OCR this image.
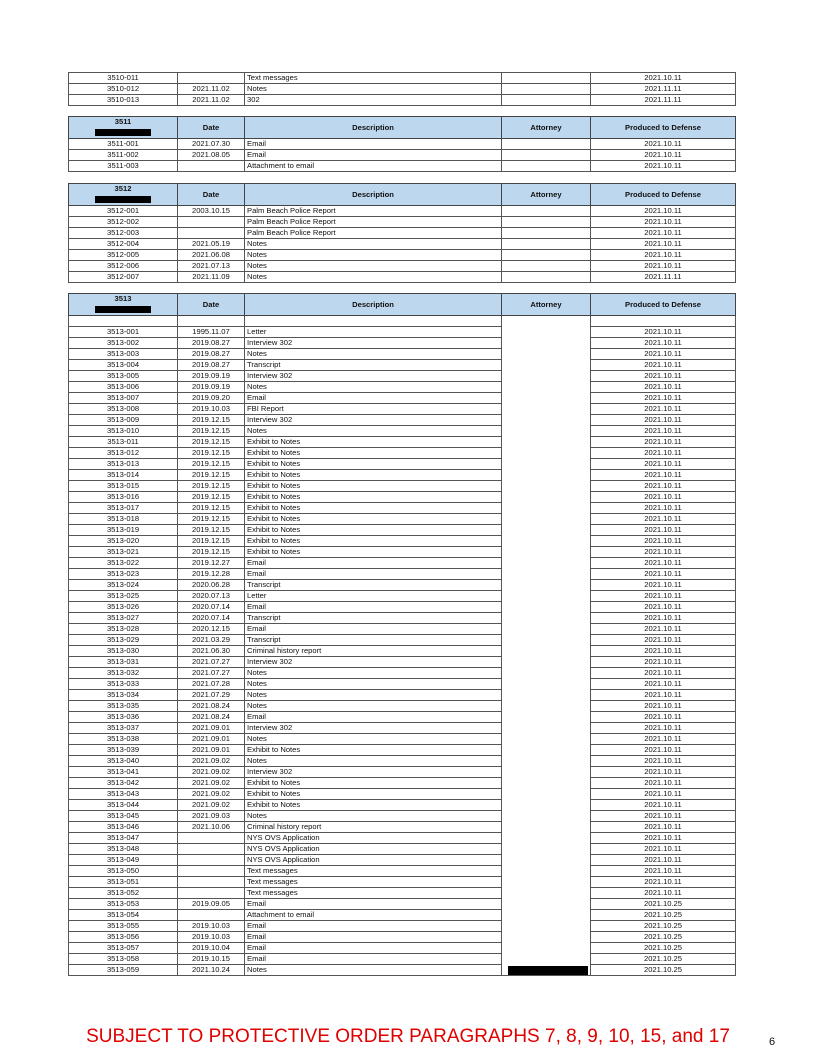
3510-011		Text messages		2021.10.11
3510-012	2021.11.02	Notes		2021.11.11
3510-013	2021.11.02	302		2021.11.11
3511	Date	Description	Attorney	Produced to Defense
3511-001	2021.07.30	Email		2021.10.11
3511-002	2021.08.05	Email		2021.10.11
3511-003		Attachment to email		2021.10.11
3512	Date	Description	Attorney	Produced to Defense
3512-001	2003.10.15	Palm Beach Police Report		2021.10.11
3512-002		Palm Beach Police Report		2021.10.11
3512-003		Palm Beach Police Report		2021.10.11
3512-004	2021.05.19	Notes		2021.10.11
3512-005	2021.06.08	Notes		2021.10.11
3512-006	2021.07.13	Notes		2021.10.11
3512-007	2021.11.09	Notes		2021.11.11
3513	Date	Description	Attorney	Produced to Defense

3513-001	1995.11.07	Letter		2021.10.11
3513-002	2019.08.27	Interview 302		2021.10.11
3513-003	2019.08.27	Notes		2021.10.11
3513-004	2019.08.27	Transcript		2021.10.11
3513-005	2019.09.19	Interview 302		2021.10.11
3513-006	2019.09.19	Notes		2021.10.11
3513-007	2019.09.20	Email		2021.10.11
3513-008	2019.10.03	FBI Report		2021.10.11
3513-009	2019.12.15	Interview 302		2021.10.11
3513-010	2019.12.15	Notes		2021.10.11
3513-011	2019.12.15	Exhibit to Notes		2021.10.11
3513-012	2019.12.15	Exhibit to Notes		2021.10.11
3513-013	2019.12.15	Exhibit to Notes		2021.10.11
3513-014	2019.12.15	Exhibit to Notes		2021.10.11
3513-015	2019.12.15	Exhibit to Notes		2021.10.11
3513-016	2019.12.15	Exhibit to Notes		2021.10.11
3513-017	2019.12.15	Exhibit to Notes		2021.10.11
3513-018	2019.12.15	Exhibit to Notes		2021.10.11
3513-019	2019.12.15	Exhibit to Notes		2021.10.11
3513-020	2019.12.15	Exhibit to Notes		2021.10.11
3513-021	2019.12.15	Exhibit to Notes		2021.10.11
3513-022	2019.12.27	Email		2021.10.11
3513-023	2019.12.28	Email		2021.10.11
3513-024	2020.06.28	Transcript		2021.10.11
3513-025	2020.07.13	Letter		2021.10.11
3513-026	2020.07.14	Email		2021.10.11
3513-027	2020.07.14	Transcript		2021.10.11
3513-028	2020.12.15	Email		2021.10.11
3513-029	2021.03.29	Transcript		2021.10.11
3513-030	2021.06.30	Criminal history report		2021.10.11
3513-031	2021.07.27	Interview 302		2021.10.11
3513-032	2021.07.27	Notes		2021.10.11
3513-033	2021.07.28	Notes		2021.10.11
3513-034	2021.07.29	Notes		2021.10.11
3513-035	2021.08.24	Notes		2021.10.11
3513-036	2021.08.24	Email		2021.10.11
3513-037	2021.09.01	Interview 302		2021.10.11
3513-038	2021.09.01	Notes		2021.10.11
3513-039	2021.09.01	Exhibit to Notes		2021.10.11
3513-040	2021.09.02	Notes		2021.10.11
3513-041	2021.09.02	Interview 302		2021.10.11
3513-042	2021.09.02	Exhibit to Notes		2021.10.11
3513-043	2021.09.02	Exhibit to Notes		2021.10.11
3513-044	2021.09.02	Exhibit to Notes		2021.10.11
3513-045	2021.09.03	Notes		2021.10.11
3513-046	2021.10.06	Criminal history report		2021.10.11
3513-047		NYS OVS Application		2021.10.11
3513-048		NYS OVS Application		2021.10.11
3513-049		NYS OVS Application		2021.10.11
3513-050		Text messages		2021.10.11
3513-051		Text messages		2021.10.11
3513-052		Text messages		2021.10.11
3513-053	2019.09.05	Email		2021.10.25
3513-054		Attachment to email		2021.10.25
3513-055	2019.10.03	Email		2021.10.25
3513-056	2019.10.03	Email		2021.10.25
3513-057	2019.10.04	Email		2021.10.25
3513-058	2019.10.15	Email		2021.10.25
3513-059	2021.10.24	Notes		2021.10.25
SUBJECT TO PROTECTIVE ORDER PARAGRAPHS 7, 8, 9, 10, 15, and 17	6
